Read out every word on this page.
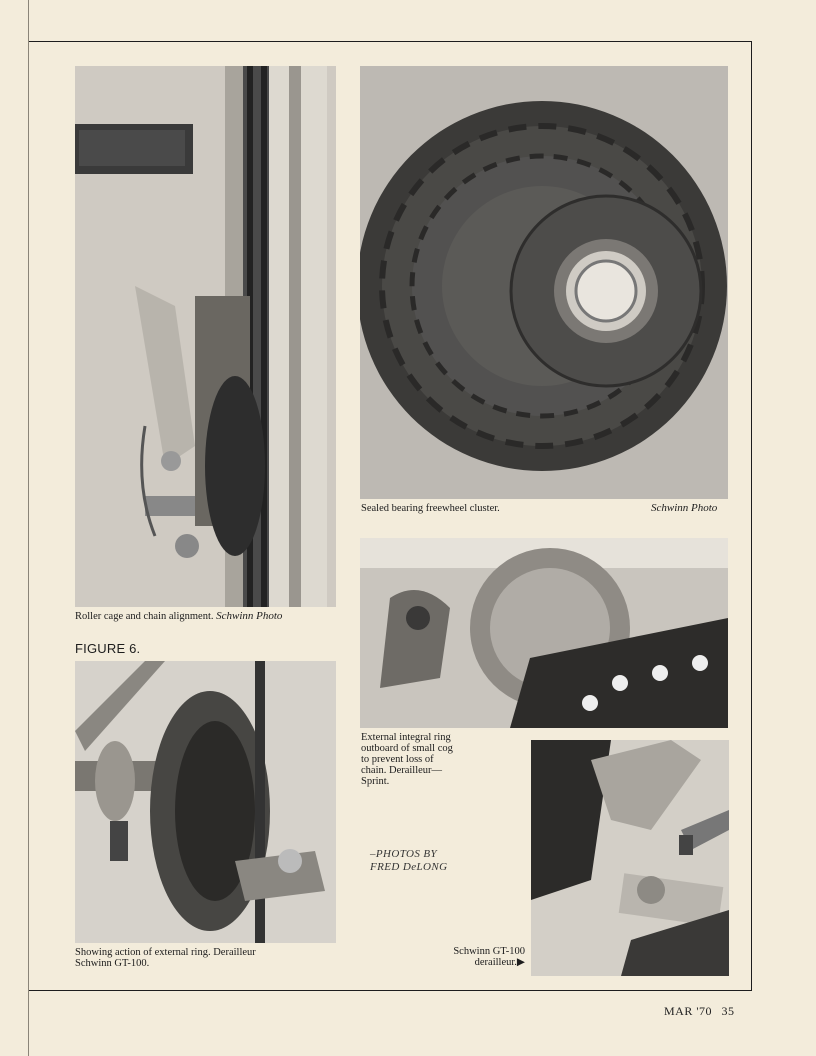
Roller cage and chain alignment. Schwinn Photo
FIGURE 6.
Sealed bearing freewheel cluster.	Schwinn Photo
External integral ring
outboard of small cog
to prevent loss of
chain. Derailleur—
Sprint.
Showing action of external ring. Derailleur
Schwinn GT-100.
–PHOTOS BY
FRED DeLONG
Schwinn GT-100
derailleur.▶
MAR '70 35
